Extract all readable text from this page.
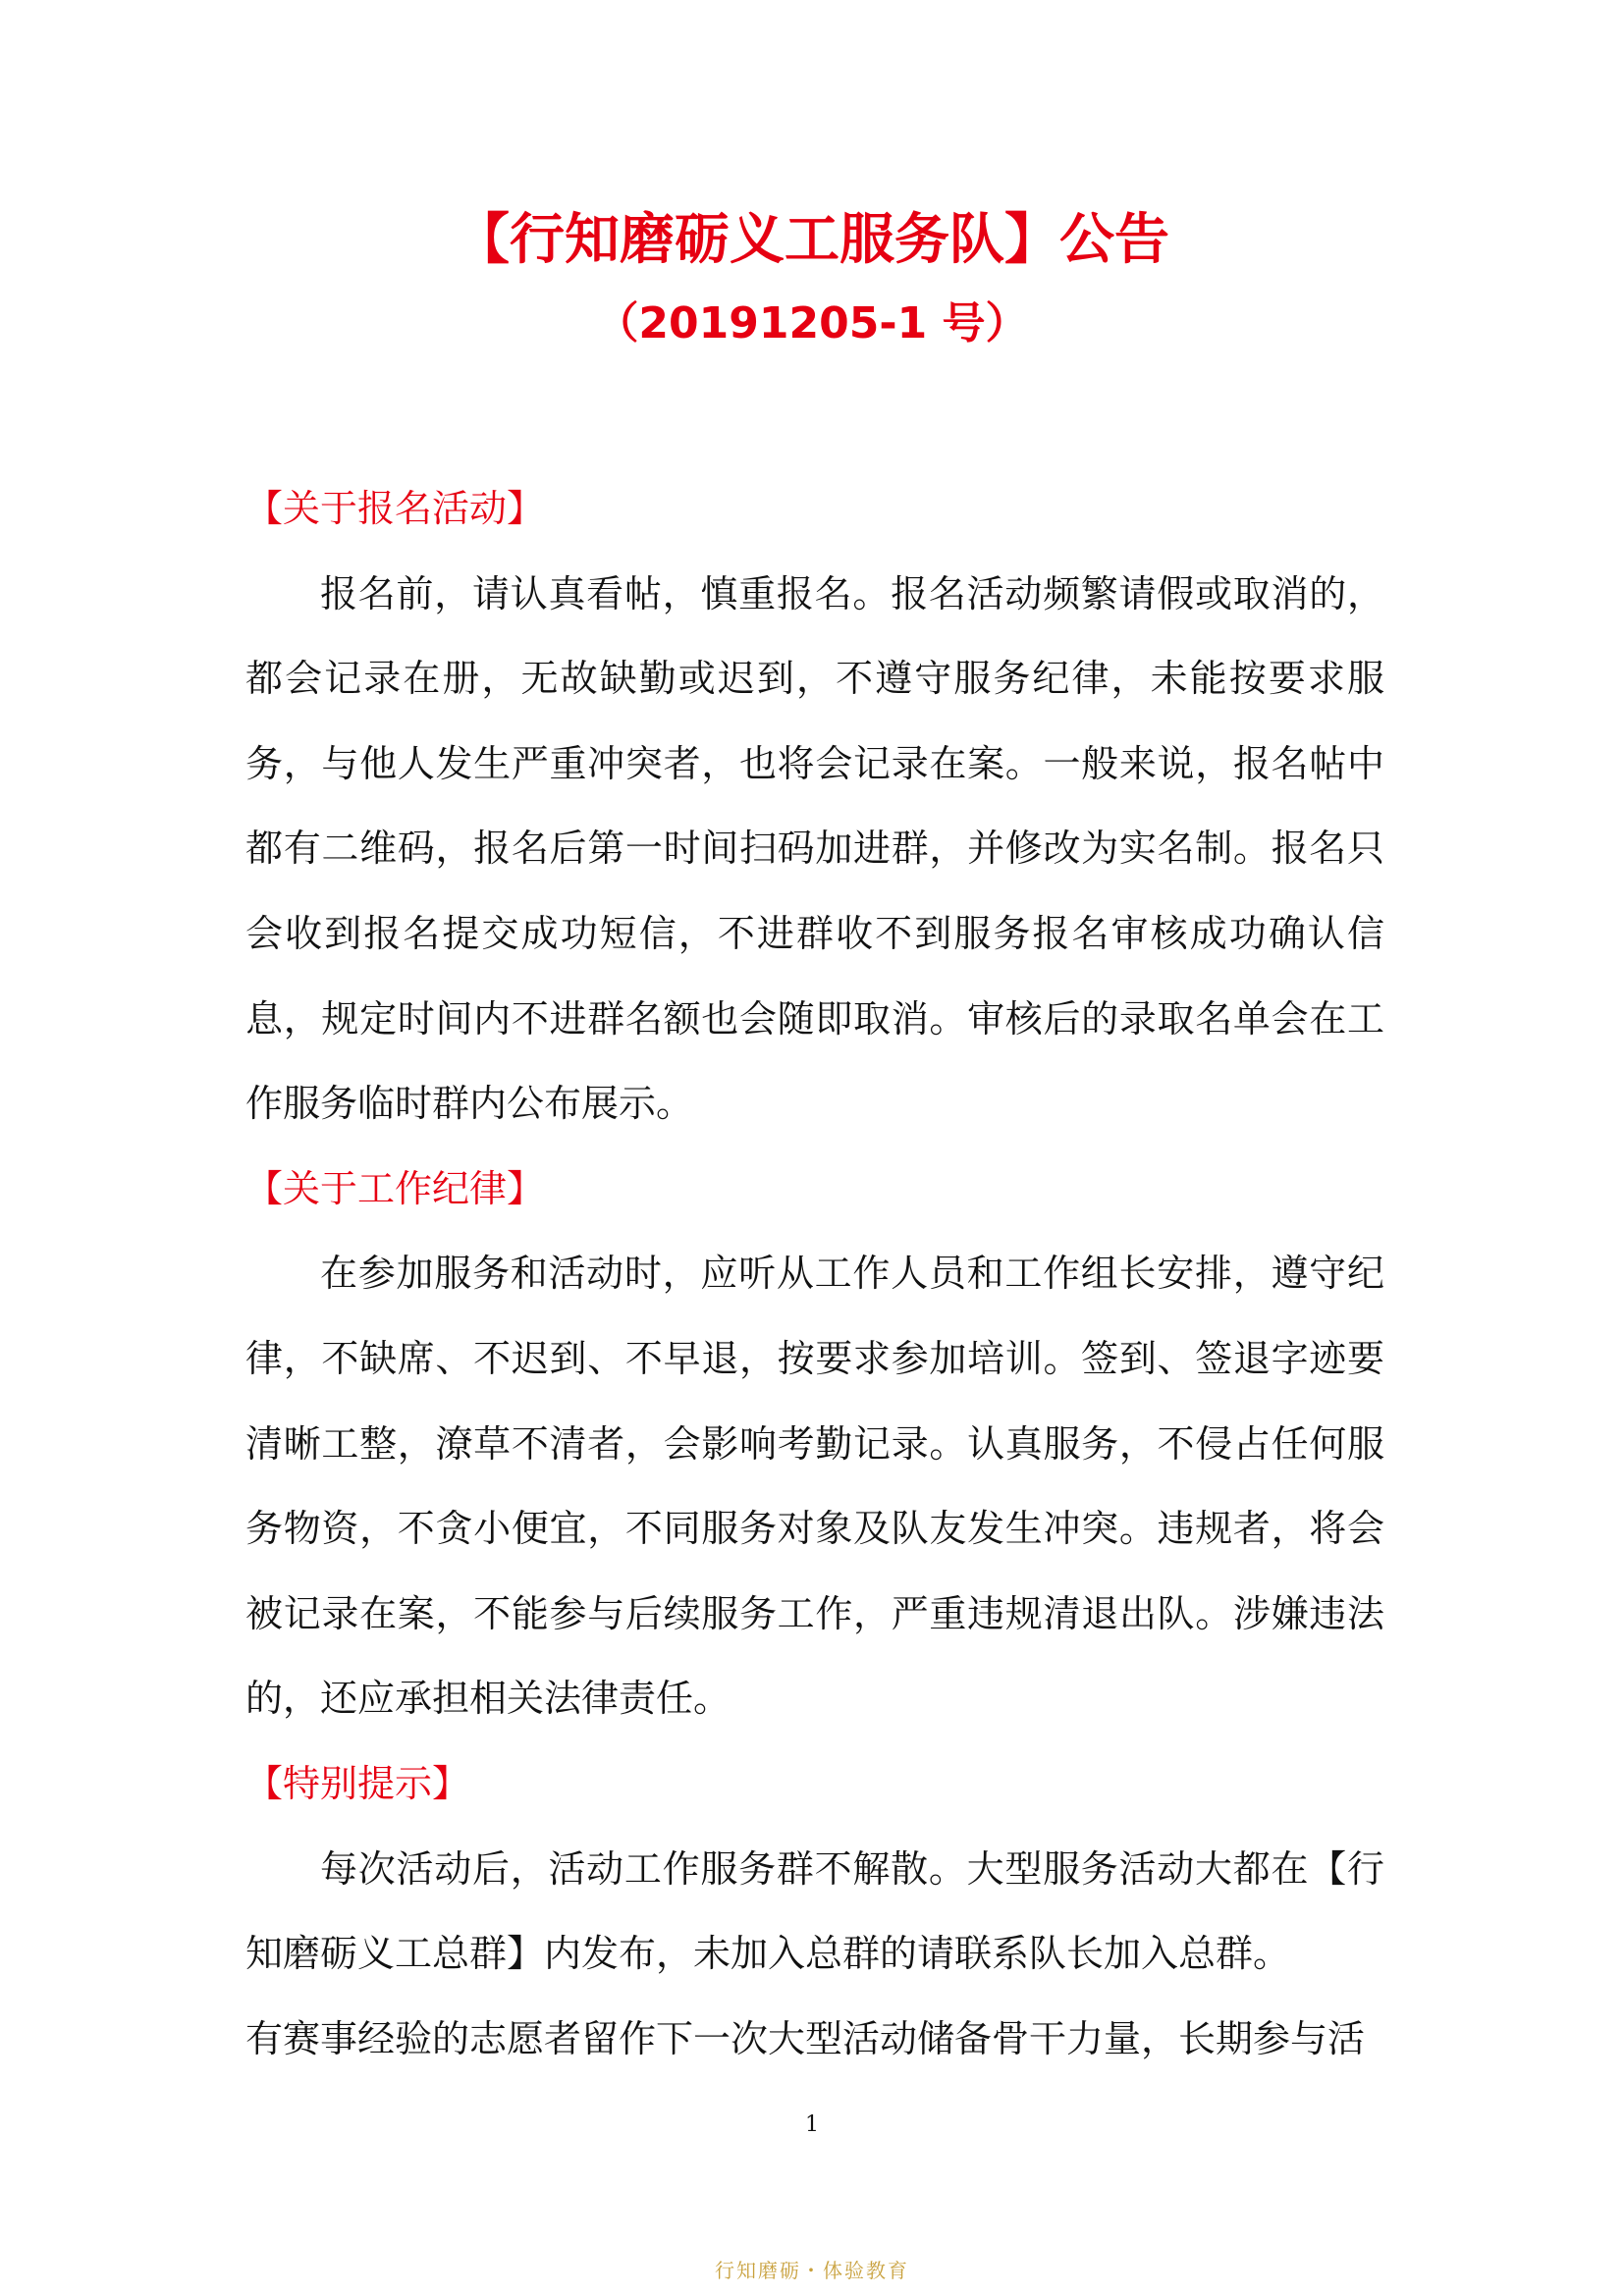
【行知磨砺义工服务队】公告
（20191205-1 号）
【关于报名活动】

报名前，请认真看帖，慎重报名。报名活动频繁请假或取消的，都会记录在册，无故缺勤或迟到，不遵守服务纪律，未能按要求服务，与他人发生严重冲突者，也将会记录在案。一般来说，报名帖中都有二维码，报名后第一时间扫码加进群，并修改为实名制。报名只会收到报名提交成功短信，不进群收不到服务报名审核成功确认信息，规定时间内不进群名额也会随即取消。审核后的录取名单会在工作服务临时群内公布展示。

【关于工作纪律】

在参加服务和活动时，应听从工作人员和工作组长安排，遵守纪律，不缺席、不迟到、不早退，按要求参加培训。签到、签退字迹要清晰工整，潦草不清者，会影响考勤记录。认真服务，不侵占任何服务物资，不贪小便宜，不同服务对象及队友发生冲突。违规者，将会被记录在案，不能参与后续服务工作，严重违规清退出队。涉嫌违法的，还应承担相关法律责任。

【特别提示】

每次活动后，活动工作服务群不解散。大型服务活动大都在【行知磨砺义工总群】内发布，未加入总群的请联系队长加入总群。

有赛事经验的志愿者留作下一次大型活动储备骨干力量，长期参与活

1
行知磨砺・体验教育
